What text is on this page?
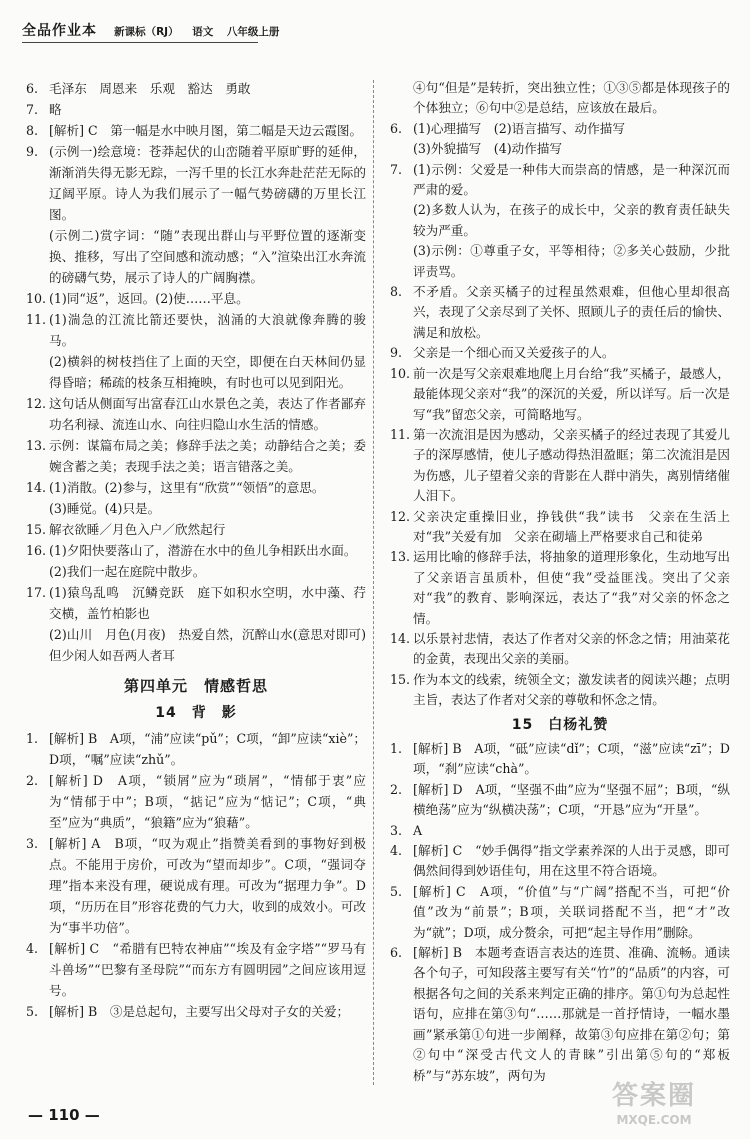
全品作业本 新课标（RJ） 语文 八年级上册
6. 毛泽东　周恩来　乐观　豁达　勇敢
7. 略
8. [解析] C　第一幅是水中映月图，第二幅是天边云霞图。
9. (示例一)绘意境：苍莽起伏的山峦随着平原旷野的延伸，渐渐消失得无影无踪，一泻千里的长江水奔赴茫茫无际的辽阔平原。诗人为我们展示了一幅气势磅礴的万里长江图。
(示例二)赏字词：“随”表现出群山与平野位置的逐渐变换、推移，写出了空间感和流动感；“入”渲染出江水奔流的磅礴气势，展示了诗人的广阔胸襟。
10. (1)同“返”，返回。(2)使……平息。
11. (1)湍急的江流比箭还要快，汹涌的大浪就像奔腾的骏马。
(2)横斜的树枝挡住了上面的天空，即便在白天林间仍显得昏暗；稀疏的枝条互相掩映，有时也可以见到阳光。
12. 这句话从侧面写出富春江山水景色之美，表达了作者鄙弃功名利禄、流连山水、向往归隐山水生活的情感。
13. 示例：谋篇布局之美；修辞手法之美；动静结合之美；委婉含蓄之美；表现手法之美；语言错落之美。
14. (1)消散。(2)参与，这里有“欣赏”“领悟”的意思。
(3)睡觉。(4)只是。
15. 解衣欲睡／月色入户／欣然起行
16. (1)夕阳快要落山了，潜游在水中的鱼儿争相跃出水面。
(2)我们一起在庭院中散步。
17. (1)猿鸟乱鸣　沉鳞竞跃　庭下如积水空明，水中藻、荇交横，盖竹柏影也
(2)山川　月色(月夜)　热爱自然，沉醉山水(意思对即可)　但少闲人如吾两人者耳
第四单元　情感哲思
14　背　影
1. [解析] B　A项，“浦”应读“pǔ”；C项，“卸”应读“xiè”；D项，“嘱”应读“zhǔ”。
2. [解析] D　A项，“锁屑”应为“琐屑”，“情郁于衷”应为“情郁于中”；B项，“掂记”应为“惦记”；C项，“典至”应为“典质”，“狼籍”应为“狼藉”。
3. [解析] A　B项，“叹为观止”指赞美看到的事物好到极点。不能用于房价，可改为“望而却步”。C项，“强词夺理”指本来没有理，硬说成有理。可改为“据理力争”。D项，“历历在目”形容花费的气力大，收到的成效小。可改为“事半功倍”。
4. [解析] C　“希腊有巴特农神庙”“埃及有金字塔”“罗马有斗兽场”“巴黎有圣母院”“而东方有圆明园”之间应该用逗号。
5. [解析] B　③是总起句，主要写出父母对子女的关爱；
④句“但是”是转折，突出独立性；①③⑤都是体现孩子的个体独立；⑥句中②是总结，应该放在最后。
6. (1)心理描写　(2)语言描写、动作描写
(3)外貌描写　(4)动作描写
7. (1)示例：父爱是一种伟大而崇高的情感，是一种深沉而严肃的爱。
(2)多数人认为，在孩子的成长中，父亲的教育责任缺失较为严重。
(3)示例：①尊重子女，平等相待；②多关心鼓励，少批评责骂。
8. 不矛盾。父亲买橘子的过程虽然艰难，但他心里却很高兴，表现了父亲尽到了关怀、照顾儿子的责任后的愉快、满足和放松。
9. 父亲是一个细心而又关爱孩子的人。
10. 前一次是写父亲艰难地爬上月台给“我”买橘子，最感人，最能体现父亲对“我”的深沉的关爱，所以详写。后一次是写“我”留恋父亲，可简略地写。
11. 第一次流泪是因为感动，父亲买橘子的经过表现了其爱儿子的深厚感情，使儿子感动得热泪盈眶；第二次流泪是因为伤感，儿子望着父亲的背影在人群中消失，离别情绪催人泪下。
12. 父亲决定重操旧业，挣钱供“我”读书　父亲在生活上对“我”关爱有加　父亲在砌墙上严格要求自己和徒弟
13. 运用比喻的修辞手法，将抽象的道理形象化，生动地写出了父亲语言虽质朴，但使“我”受益匪浅。突出了父亲对“我”的教育、影响深远，表达了“我”对父亲的怀念之情。
14. 以乐景衬悲情，表达了作者对父亲的怀念之情；用油菜花的金黄，表现出父亲的美丽。
15. 作为本文的线索，统领全文；激发读者的阅读兴趣；点明主旨，表达了作者对父亲的尊敬和怀念之情。
15　白杨礼赞
1. [解析] B　A项，“砥”应读“dǐ”；C项，“滋”应读“zī”；D项，“刹”应读“chà”。
2. [解析] D　A项，“坚强不曲”应为“坚强不屈”；B项，“纵横绝荡”应为“纵横决荡”；C项，“开恳”应为“开垦”。
3. A
4. [解析] C　“妙手偶得”指文学素养深的人出于灵感，即可偶然间得到妙语佳句，用在这里不符合语境。
5. [解析] C　A项，“价值”与“广阔”搭配不当，可把“价值”改为“前景”；B项，关联词搭配不当，把“才”改为“就”；D项，成分赘余，可把“起主导作用”删除。
6. [解析] B　本题考查语言表达的连贯、准确、流畅。通读各个句子，可知段落主要写有关“竹”的“品质”的内容，可根据各句之间的关系来判定正确的排序。第①句为总起性语句，应排在第③句“……那就是一首抒情诗，一幅水墨画”紧承第①句进一步阐释，故第③句应排在第②句；第②句中“深受古代文人的青睐”引出第⑤句的“郑板桥”与“苏东坡”，两句为
— 110 —
答案圈
MXQE.COM
